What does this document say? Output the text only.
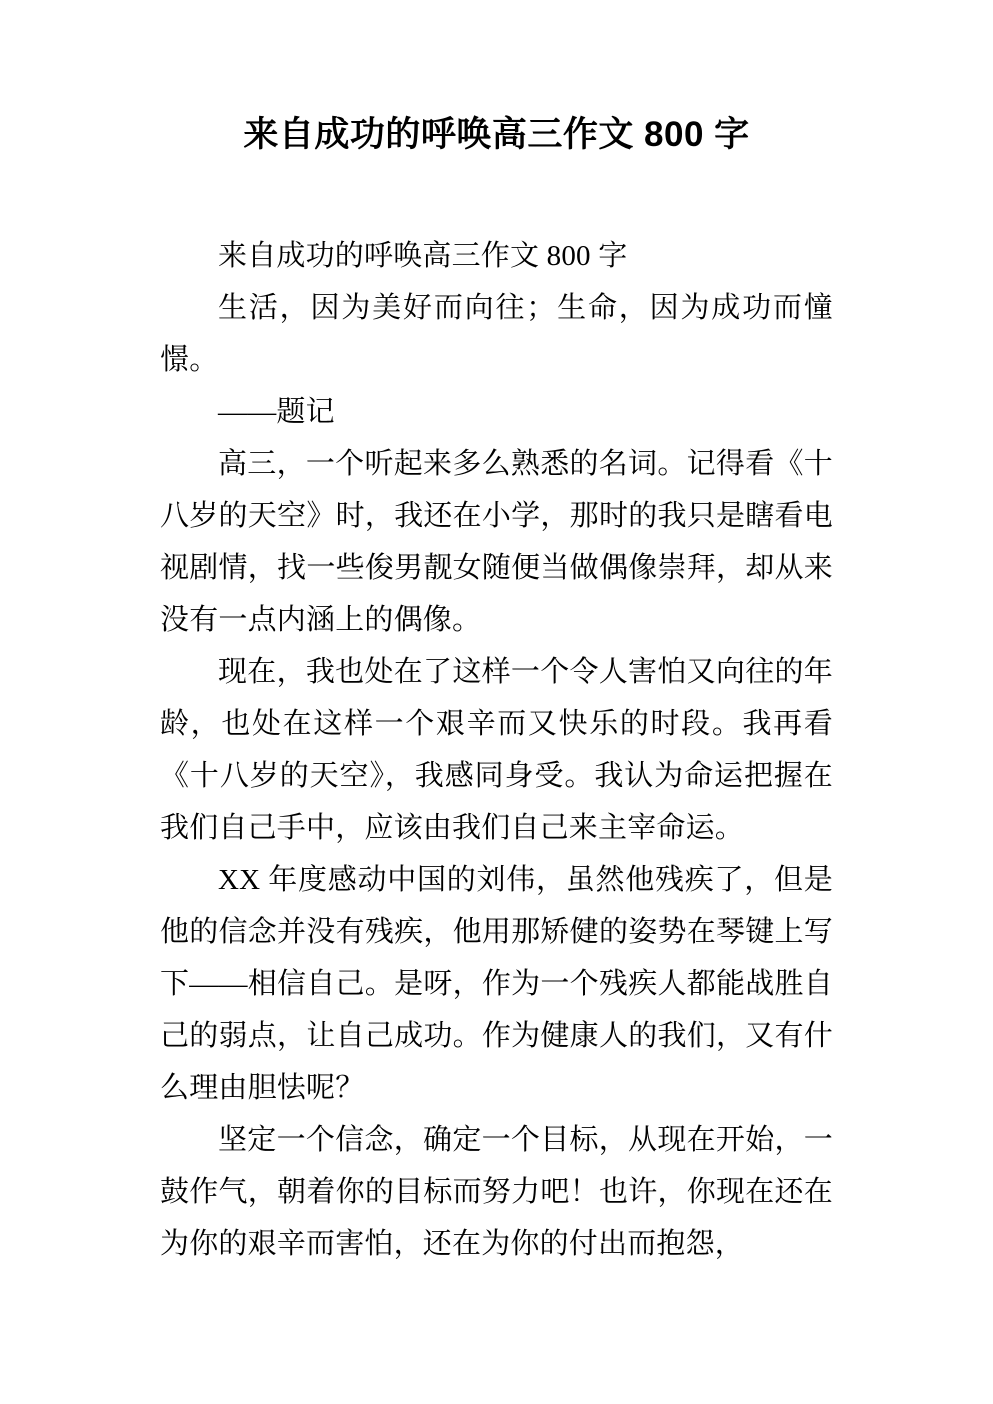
来自成功的呼唤高三作文 800 字

来自成功的呼唤高三作文 800 字

生活，因为美好而向往；生命，因为成功而憧憬。

——题记

高三，一个听起来多么熟悉的名词。记得看《十八岁的天空》时，我还在小学，那时的我只是瞎看电视剧情，找一些俊男靓女随便当做偶像崇拜，却从来没有一点内涵上的偶像。

现在，我也处在了这样一个令人害怕又向往的年龄，也处在这样一个艰辛而又快乐的时段。我再看《十八岁的天空》，我感同身受。我认为命运把握在我们自己手中，应该由我们自己来主宰命运。

XX 年度感动中国的刘伟，虽然他残疾了，但是他的信念并没有残疾，他用那矫健的姿势在琴键上写下——相信自己。是呀，作为一个残疾人都能战胜自己的弱点，让自己成功。作为健康人的我们，又有什么理由胆怯呢？

坚定一个信念，确定一个目标，从现在开始，一鼓作气，朝着你的目标而努力吧！也许，你现在还在为你的艰辛而害怕，还在为你的付出而抱怨，
